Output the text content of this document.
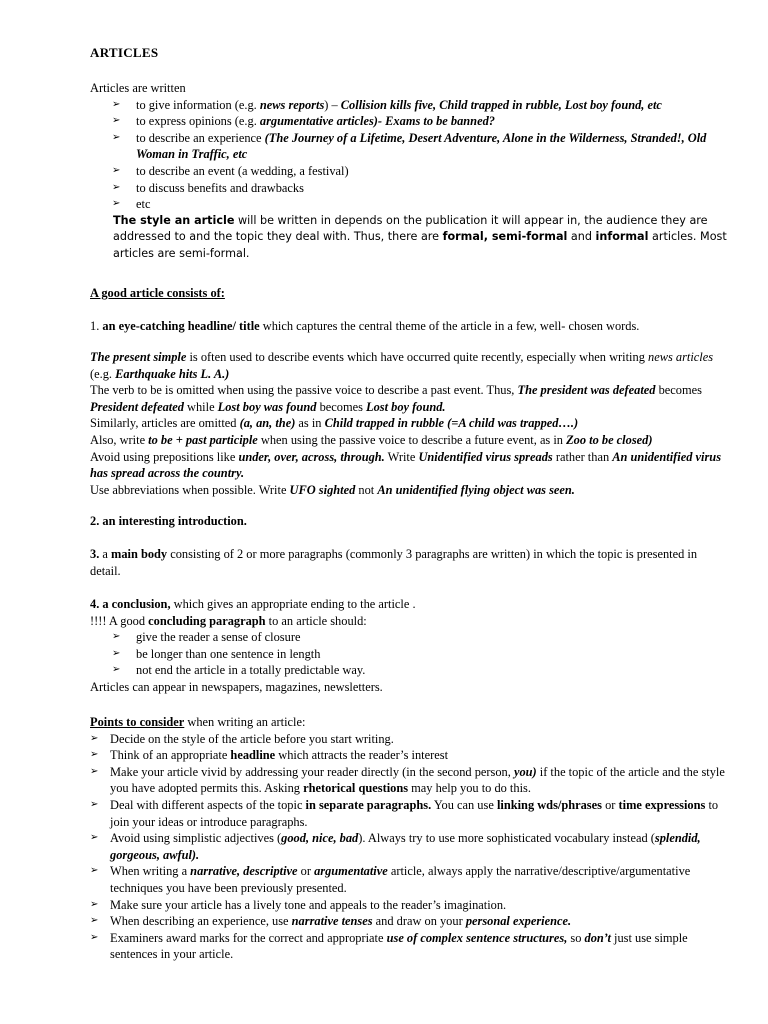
ARTICLES

Articles are written

➢ to give information (e.g. news reports) – Collision kills five, Child trapped in rubble, Lost boy found, etc
➢ to express opinions (e.g. argumentative articles)- Exams to be banned?
➢ to describe an experience (The Journey of a Lifetime, Desert Adventure, Alone in the Wilderness, Stranded!, Old Woman in Traffic, etc
➢ to describe an event (a wedding, a festival)
➢ to discuss benefits and drawbacks
➢ etc

The style an article will be written in depends on the publication it will appear in, the audience they are addressed to and the topic they deal with. Thus, there are formal, semi-formal and informal articles. Most articles are semi-formal.

A good article consists of:

1. an eye-catching headline/ title which captures the central theme of the article in a few, well- chosen words.

The present simple is often used to describe events which have occurred quite recently, especially when writing news articles (e.g. Earthquake hits L. A.)

The verb to be is omitted when using the passive voice to describe a past event. Thus, The president was defeated becomes President defeated while Lost boy was found becomes Lost boy found.

Similarly, articles are omitted (a, an, the) as in Child trapped in rubble (=A child was trapped….)

Also, write to be + past participle when using the passive voice to describe a future event, as in Zoo to be closed)

Avoid using prepositions like under, over, across, through. Write Unidentified virus spreads rather than An unidentified virus has spread across the country.

Use abbreviations when possible. Write UFO sighted not An unidentified flying object was seen.

2. an interesting introduction.

3. a main body consisting of 2 or more paragraphs (commonly 3 paragraphs are written) in which the topic is presented in detail.

4. a conclusion, which gives an appropriate ending to the article .

!!!! A good concluding paragraph to an article should:

➢ give the reader a sense of closure
➢ be longer than one sentence in length
➢ not end the article in a totally predictable way.

Articles can appear in newspapers, magazines, newsletters.

Points to consider when writing an article:

➢ Decide on the style of the article before you start writing.
➢ Think of an appropriate headline which attracts the reader’s interest
➢ Make your article vivid by addressing your reader directly (in the second person, you) if the topic of the article and the style you have adopted permits this. Asking rhetorical questions may help you to do this.
➢ Deal with different aspects of the topic in separate paragraphs. You can use linking wds/phrases or time expressions to join your ideas or introduce paragraphs.
➢ Avoid using simplistic adjectives (good, nice, bad). Always try to use more sophisticated vocabulary instead (splendid, gorgeous, awful).
➢ When writing a narrative, descriptive or argumentative article, always apply the narrative/descriptive/argumentative techniques you have been previously presented.
➢ Make sure your article has a lively tone and appeals to the reader’s imagination.
➢ When describing an experience, use narrative tenses and draw on your personal experience.
➢ Examiners award marks for the correct and appropriate use of complex sentence structures, so don’t just use simple sentences in your article.
